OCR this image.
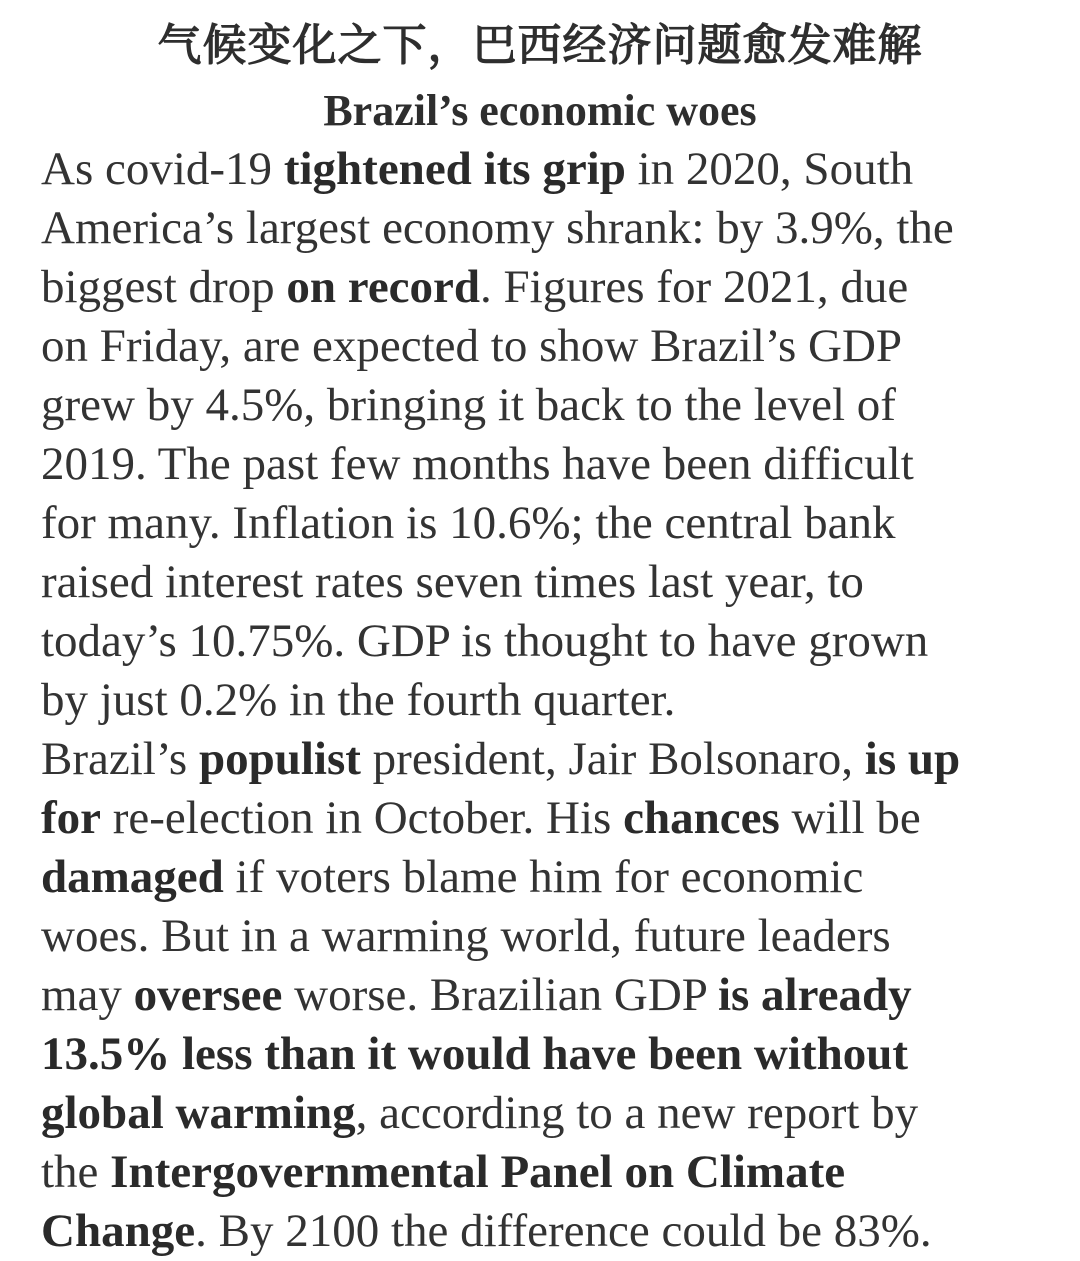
气候变化之下，巴西经济问题愈发难解
Brazil’s economic woes
As covid-19 tightened its grip in 2020, South
America’s largest economy shrank: by 3.9%, the
biggest drop on record. Figures for 2021, due
on Friday, are expected to show Brazil’s GDP
grew by 4.5%, bringing it back to the level of
2019. The past few months have been difficult
for many. Inflation is 10.6%; the central bank
raised interest rates seven times last year, to
today’s 10.75%. GDP is thought to have grown
by just 0.2% in the fourth quarter.
Brazil’s populist president, Jair Bolsonaro, is up
for re-election in October. His chances will be
damaged if voters blame him for economic
woes. But in a warming world, future leaders
may oversee worse. Brazilian GDP is already
13.5% less than it would have been without
global warming, according to a new report by
the Intergovernmental Panel on Climate
Change. By 2100 the difference could be 83%.
